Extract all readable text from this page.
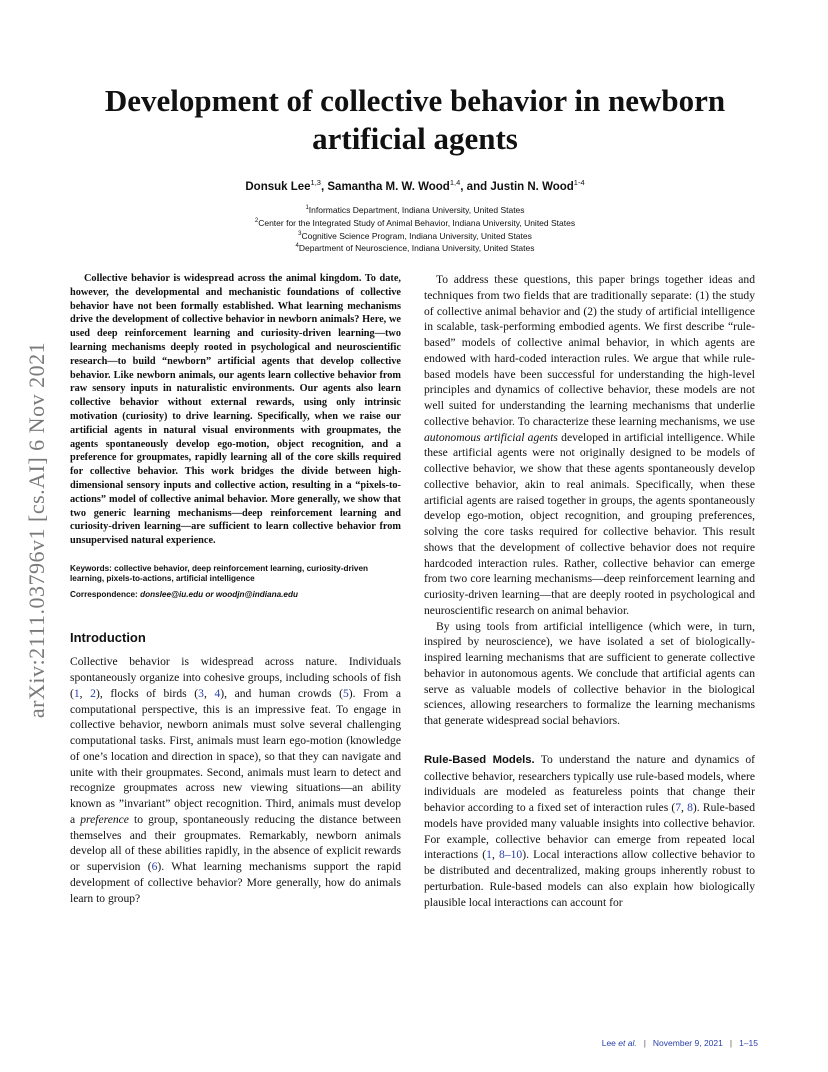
arXiv:2111.03796v1 [cs.AI] 6 Nov 2021
Development of collective behavior in newborn
artificial agents
Donsuk Lee$^{1,3}$, Samantha M. W. Wood$^{1,4}$, and Justin N. Wood$^{1-4}$
$^1$Informatics Department, Indiana University, United States
$^2$Center for the Integrated Study of Animal Behavior, Indiana University, United States
$^3$Cognitive Science Program, Indiana University, United States
$^4$Department of Neuroscience, Indiana University, United States

Collective behavior is widespread across the animal kingdom. To date, however, the developmental and mechanistic foundations of collective behavior have not been formally established. What learning mechanisms drive the development of collective behavior in newborn animals? Here, we used deep reinforcement learning and curiosity-driven learning—two learning mechanisms deeply rooted in psychological and neuroscientific research—to build “newborn” artificial agents that develop collective behavior. Like newborn animals, our agents learn collective behavior from raw sensory inputs in naturalistic environments. Our agents also learn collective behavior without external rewards, using only intrinsic motivation (curiosity) to drive learning. Specifically, when we raise our artificial agents in natural visual environments with groupmates, the agents spontaneously develop ego-motion, object recognition, and a preference for groupmates, rapidly learning all of the core skills required for collective behavior. This work bridges the divide between high-dimensional sensory inputs and collective action, resulting in a “pixels-to-actions” model of collective animal behavior. More generally, we show that two generic learning mechanisms—deep reinforcement learning and curiosity-driven learning—are sufficient to learn collective behavior from unsupervised natural experience.

Keywords: collective behavior, deep reinforcement learning, curiosity-driven learning, pixels-to-actions, artificial intelligence
Correspondence: donslee@iu.edu or woodjn@indiana.edu
Introduction

Collective behavior is widespread across nature. Individuals spontaneously organize into cohesive groups, including schools of fish (1, 2), flocks of birds (3, 4), and human crowds (5). From a computational perspective, this is an impressive feat. To engage in collective behavior, newborn animals must solve several challenging computational tasks. First, animals must learn ego-motion (knowledge of one’s location and direction in space), so that they can navigate and unite with their groupmates. Second, animals must learn to detect and recognize groupmates across new viewing situations—an ability known as ”invariant” object recognition. Third, animals must develop a preference to group, spontaneously reducing the distance between themselves and their groupmates. Remarkably, newborn animals develop all of these abilities rapidly, in the absence of explicit rewards or supervision (6). What learning mechanisms support the rapid development of collective behavior? More generally, how do animals learn to group?

To address these questions, this paper brings together ideas and techniques from two fields that are traditionally separate: (1) the study of collective animal behavior and (2) the study of artificial intelligence in scalable, task-performing embodied agents. We first describe “rule-based” models of collective animal behavior, in which agents are endowed with hard-coded interaction rules. We argue that while rule-based models have been successful for understanding the high-level principles and dynamics of collective behavior, these models are not well suited for understanding the learning mechanisms that underlie collective behavior. To characterize these learning mechanisms, we use autonomous artificial agents developed in artificial intelligence. While these artificial agents were not originally designed to be models of collective behavior, we show that these agents spontaneously develop collective behavior, akin to real animals. Specifically, when these artificial agents are raised together in groups, the agents spontaneously develop ego-motion, object recognition, and grouping preferences, solving the core tasks required for collective behavior. This result shows that the development of collective behavior does not require hardcoded interaction rules. Rather, collective behavior can emerge from two core learning mechanisms—deep reinforcement learning and curiosity-driven learning—that are deeply rooted in psychological and neuroscientific research on animal behavior.

By using tools from artificial intelligence (which were, in turn, inspired by neuroscience), we have isolated a set of biologically-inspired learning mechanisms that are sufficient to generate collective behavior in autonomous agents. We conclude that artificial agents can serve as valuable models of collective behavior in the biological sciences, allowing researchers to formalize the learning mechanisms that generate widespread social behaviors.

Rule-Based Models. To understand the nature and dynamics of collective behavior, researchers typically use rule-based models, where individuals are modeled as featureless points that change their behavior according to a fixed set of interaction rules (7, 8). Rule-based models have provided many valuable insights into collective behavior. For example, collective behavior can emerge from repeated local interactions (1, 8–10). Local interactions allow collective behavior to be distributed and decentralized, making groups inherently robust to perturbation. Rule-based models can also explain how biologically plausible local interactions can account for

Lee et al. | November 9, 2021 | 1–15
